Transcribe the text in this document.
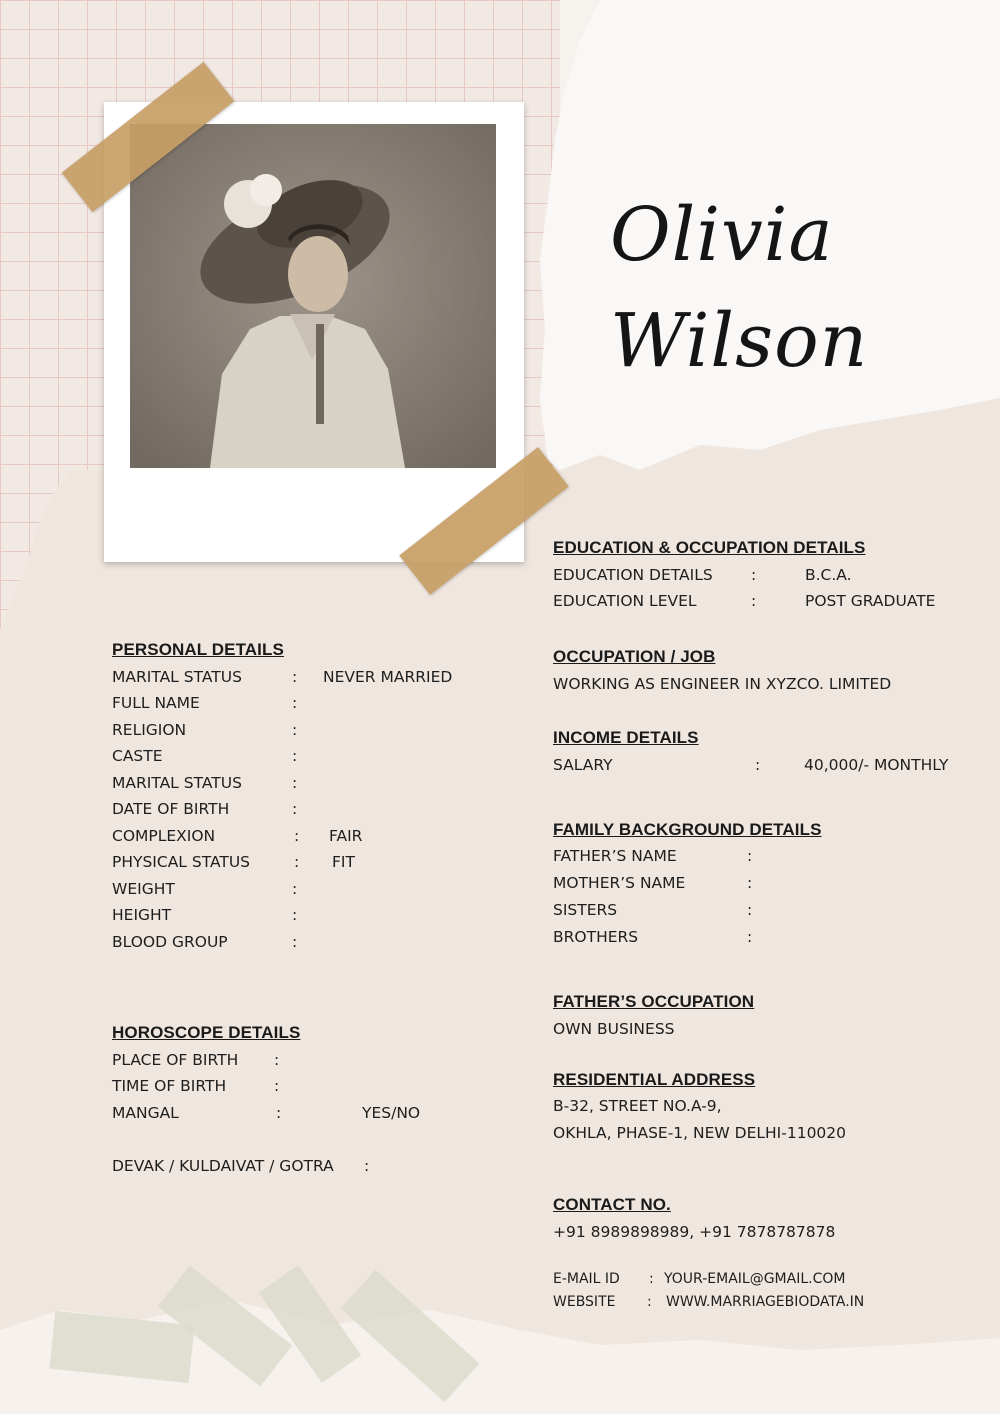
Olivia
Wilson
PERSONAL DETAILS
MARITAL STATUS	: NEVER MARRIED
FULL NAME	:
RELIGION	:
CASTE	:
MARITAL STATUS	:
DATE OF BIRTH	:
COMPLEXION	: FAIR
PHYSICAL STATUS	: FIT
WEIGHT	:
HEIGHT	:
BLOOD GROUP	:
HOROSCOPE DETAILS
PLACE OF BIRTH :
TIME OF BIRTH	:
MANGAL	:	YES/NO
DEVAK / KULDAIVAT / GOTRA :
EDUCATION & OCCUPATION DETAILS
EDUCATION DETAILS :	B.C.A.
EDUCATION LEVEL	:	POST GRADUATE
OCCUPATION / JOB
WORKING AS ENGINEER IN XYZCO. LIMITED
INCOME DETAILS
SALARY	:	40,000/- MONTHLY
FAMILY BACKGROUND DETAILS
FATHER’S NAME	:
MOTHER’S NAME	:
SISTERS	:
BROTHERS	:
FATHER’S OCCUPATION
OWN BUSINESS
RESIDENTIAL ADDRESS
B-32, STREET NO.A-9,
OKHLA, PHASE-1, NEW DELHI-110020
CONTACT NO.
+91 8989898989, +91 7878787878
E-MAIL ID : YOUR-EMAIL@GMAIL.COM
WEBSITE : WWW.MARRIAGEBIODATA.IN
